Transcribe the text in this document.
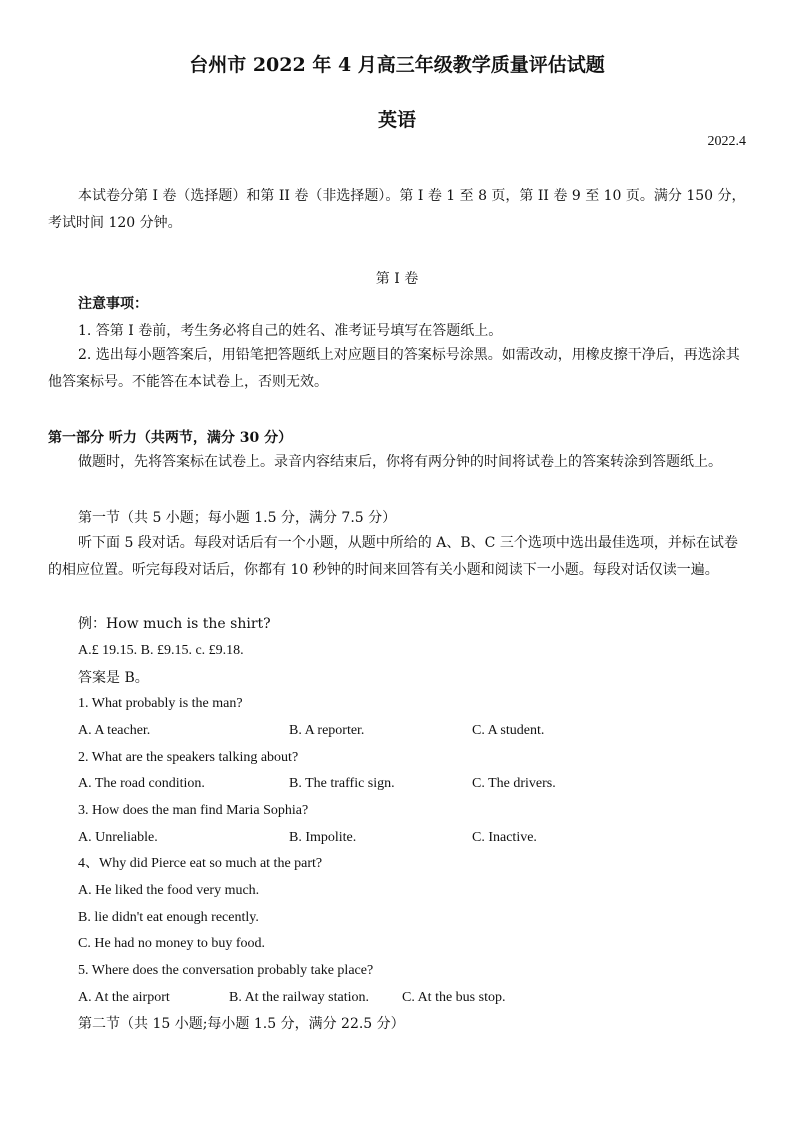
台州市 2022 年 4 月高三年级教学质量评估试题
英语
2022.4
本试卷分第 I 卷（选择题）和第 II 卷（非选择题）。第 I 卷 1 至 8 页，第 II 卷 9 至 10 页。满分 150 分，考试时间 120 分钟。
第 I 卷
注意事项：
1. 答第 I 卷前，考生务必将自己的姓名、准考证号填写在答题纸上。
2. 选出每小题答案后，用铅笔把答题纸上对应题目的答案标号涂黑。如需改动，用橡皮擦干净后，再选涂其他答案标号。不能答在本试卷上，否则无效。
第一部分 听力（共两节，满分 30 分）
做题时，先将答案标在试卷上。录音内容结束后，你将有两分钟的时间将试卷上的答案转涂到答题纸上。
第一节（共 5 小题；每小题 1.5 分，满分 7.5 分）
听下面 5 段对话。每段对话后有一个小题，从题中所给的 A、B、C 三个选项中选出最佳选项，并标在试卷的相应位置。听完每段对话后，你都有 10 秒钟的时间来回答有关小题和阅读下一小题。每段对话仅读一遍。
例：How much is the shirt?
A.£ 19.15. B. £9.15. c. £9.18.
答案是 B。
1. What probably is the man?
A. A teacher.	B. A reporter.	C. A student.
2. What are the speakers talking about?
A. The road condition.	B. The traffic sign.	C. The drivers.
3. How does the man find Maria Sophia?
A. Unreliable.	B. Impolite.	C. Inactive.
4、Why did Pierce eat so much at the part?
A. He liked the food very much.
B. lie didn't eat enough recently.
C. He had no money to buy food.
5. Where does the conversation probably take place?
A. At the airport	B. At the railway station. C. At the bus stop.
第二节（共 15 小题;每小题 1.5 分，满分 22.5 分）
